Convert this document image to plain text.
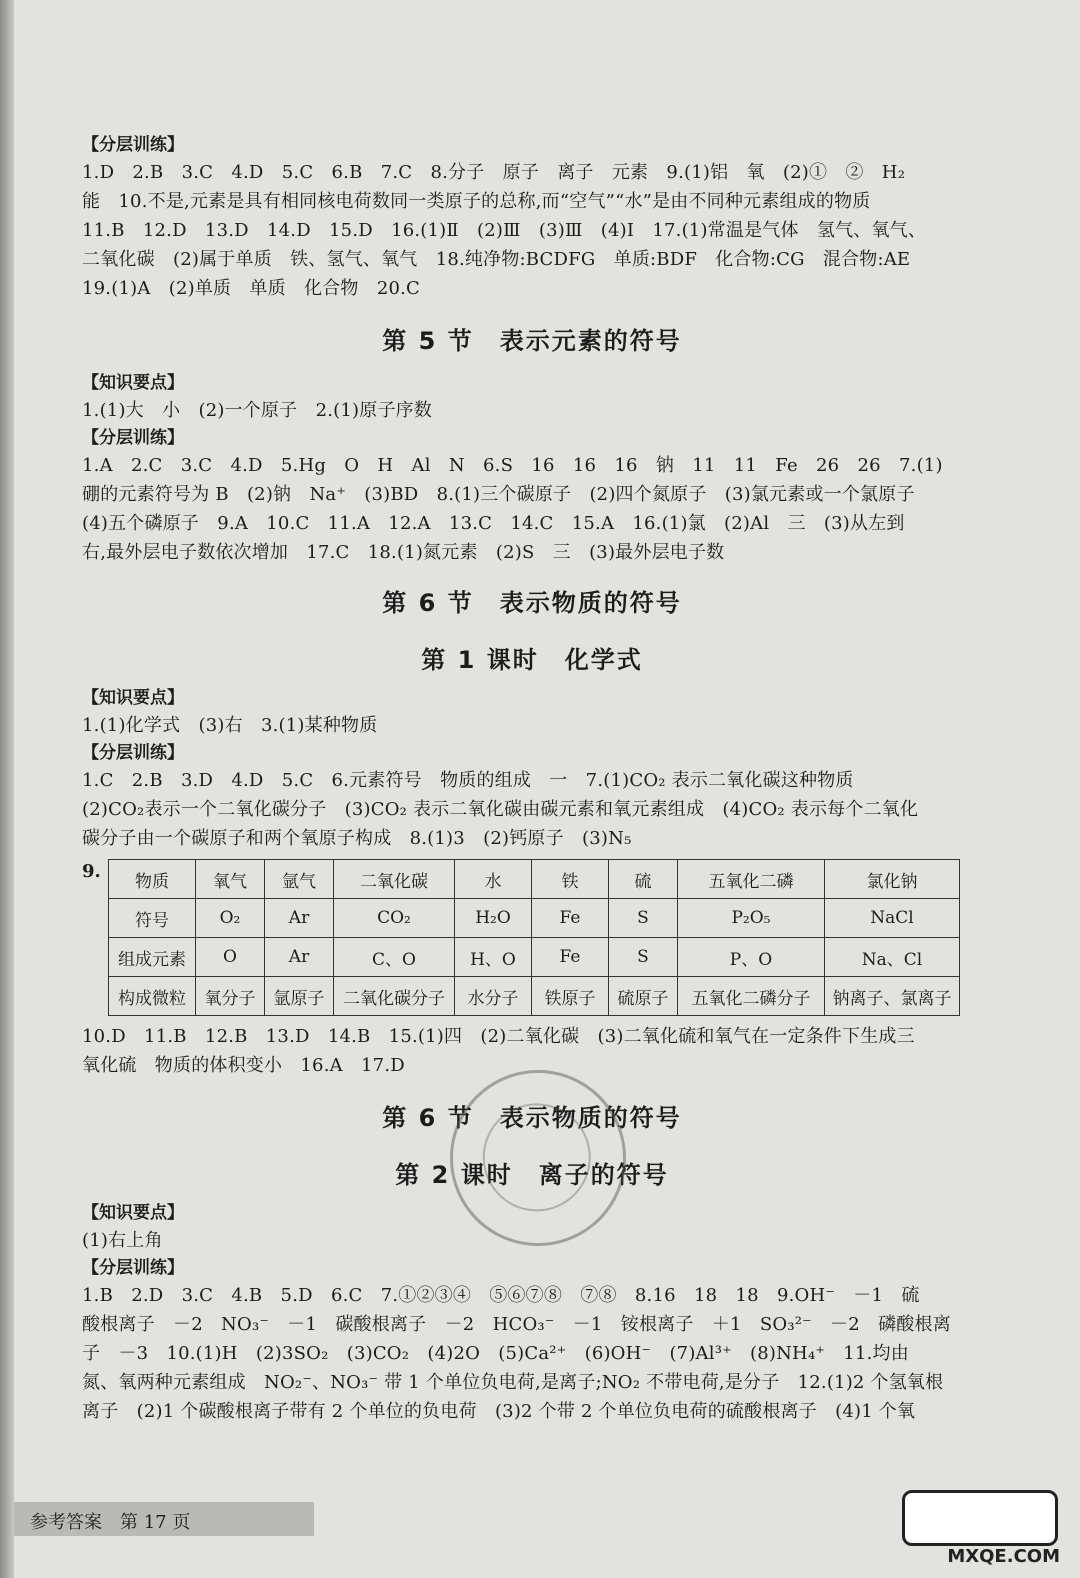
【分层训练】
1.D　2.B　3.C　4.D　5.C　6.B　7.C　8.分子　原子　离子　元素　9.(1)铝　氧　(2)①　②　H₂
能　10.不是,元素是具有相同核电荷数同一类原子的总称,而“空气”“水”是由不同种元素组成的物质
11.B　12.D　13.D　14.D　15.D　16.(1)Ⅱ　(2)Ⅲ　(3)Ⅲ　(4)Ⅰ　17.(1)常温是气体　氢气、氧气、
二氧化碳　(2)属于单质　铁、氢气、氧气　18.纯净物:BCDFG　单质:BDF　化合物:CG　混合物:AE
19.(1)A　(2)单质　单质　化合物　20.C
第 5 节　表示元素的符号
【知识要点】
1.(1)大　小　(2)一个原子　2.(1)原子序数
【分层训练】
1.A　2.C　3.C　4.D　5.Hg　O　H　Al　N　6.S　16　16　16　钠　11　11　Fe　26　26　7.(1)
硼的元素符号为 B　(2)钠　Na⁺　(3)BD　8.(1)三个碳原子　(2)四个氮原子　(3)氯元素或一个氯原子
(4)五个磷原子　9.A　10.C　11.A　12.A　13.C　14.C　15.A　16.(1)氯　(2)Al　三　(3)从左到
右,最外层电子数依次增加　17.C　18.(1)氮元素　(2)S　三　(3)最外层电子数
第 6 节　表示物质的符号
第 1 课时　化学式
【知识要点】
1.(1)化学式　(3)右　3.(1)某种物质
【分层训练】
1.C　2.B　3.D　4.D　5.C　6.元素符号　物质的组成　一　7.(1)CO₂ 表示二氧化碳这种物质
(2)CO₂表示一个二氧化碳分子　(3)CO₂ 表示二氧化碳由碳元素和氧元素组成　(4)CO₂ 表示每个二氧化
碳分子由一个碳原子和两个氧原子构成　8.(1)3　(2)钙原子　(3)N₅
9. 物质	氧气	氩气	二氧化碳	水	铁	硫	五氧化二磷	氯化钠
符号	O₂	Ar	CO₂	H₂O	Fe	S	P₂O₅	NaCl
组成元素	O	Ar	C、O	H、O	Fe	S	P、O	Na、Cl
构成微粒	氧分子	氩原子	二氧化碳分子	水分子	铁原子	硫原子	五氧化二磷分子	钠离子、氯离子
10.D　11.B　12.B　13.D　14.B　15.(1)四　(2)二氧化碳　(3)二氧化硫和氧气在一定条件下生成三
氧化硫　物质的体积变小　16.A　17.D
第 6 节　表示物质的符号
第 2 课时　离子的符号
【知识要点】
(1)右上角
【分层训练】
1.B　2.D　3.C　4.B　5.D　6.C　7.①②③④　⑤⑥⑦⑧　⑦⑧　8.16　18　18　9.OH⁻　－1　硫
酸根离子　－2　NO₃⁻　－1　碳酸根离子　－2　HCO₃⁻　－1　铵根离子　＋1　SO₃²⁻　－2　磷酸根离
子　－3　10.(1)H　(2)3SO₂　(3)CO₂　(4)2O　(5)Ca²⁺　(6)OH⁻　(7)Al³⁺　(8)NH₄⁺　11.均由
氮、氧两种元素组成　NO₂⁻、NO₃⁻ 带 1 个单位负电荷,是离子;NO₂ 不带电荷,是分子　12.(1)2 个氢氧根
离子　(2)1 个碳酸根离子带有 2 个单位的负电荷　(3)2 个带 2 个单位负电荷的硫酸根离子　(4)1 个氧
参考答案　第 17 页
MXQE.COM
